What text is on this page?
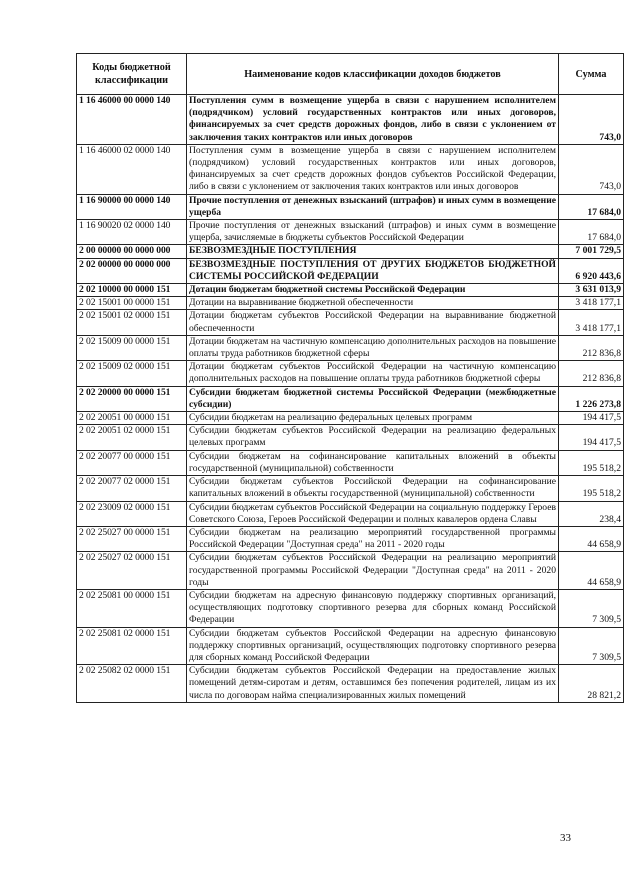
Коды бюджетной классификации	Наименование кодов классификации доходов бюджетов	Сумма
1 16 46000 00 0000 140	Поступления сумм в возмещение ущерба в связи с нарушением исполнителем (подрядчиком) условий государственных контрактов или иных договоров, финансируемых за счет средств дорожных фондов, либо в связи с уклонением от заключения таких контрактов или иных договоров	743,0
1 16 46000 02 0000 140	Поступления сумм в возмещение ущерба в связи с нарушением исполнителем (подрядчиком) условий государственных контрактов или иных договоров, финансируемых за счет средств дорожных фондов субъектов Российской Федерации, либо в связи с уклонением от заключения таких контрактов или иных договоров	743,0
1 16 90000 00 0000 140	Прочие поступления от денежных взысканий (штрафов) и иных сумм в возмещение ущерба	17 684,0
1 16 90020 02 0000 140	Прочие поступления от денежных взысканий (штрафов) и иных сумм в возмещение ущерба, зачисляемые в бюджеты субъектов Российской Федерации	17 684,0
2 00 00000 00 0000 000	БЕЗВОЗМЕЗДНЫЕ ПОСТУПЛЕНИЯ	7 001 729,5
2 02 00000 00 0000 000	БЕЗВОЗМЕЗДНЫЕ ПОСТУПЛЕНИЯ ОТ ДРУГИХ БЮДЖЕТОВ БЮДЖЕТНОЙ СИСТЕМЫ РОССИЙСКОЙ ФЕДЕРАЦИИ	6 920 443,6
2 02 10000 00 0000 151	Дотации бюджетам бюджетной системы Российской Федерации	3 631 013,9
2 02 15001 00 0000 151	Дотации на выравнивание бюджетной обеспеченности	3 418 177,1
2 02 15001 02 0000 151	Дотации бюджетам субъектов Российской Федерации на выравнивание бюджетной обеспеченности	3 418 177,1
2 02 15009 00 0000 151	Дотации бюджетам на частичную компенсацию дополнительных расходов на повышение оплаты труда работников бюджетной сферы	212 836,8
2 02 15009 02 0000 151	Дотации бюджетам субъектов Российской Федерации на частичную компенсацию дополнительных расходов на повышение оплаты труда работников бюджетной сферы	212 836,8
2 02 20000 00 0000 151	Субсидии бюджетам бюджетной системы Российской Федерации (межбюджетные субсидии)	1 226 273,8
2 02 20051 00 0000 151	Субсидии бюджетам на реализацию федеральных целевых программ	194 417,5
2 02 20051 02 0000 151	Субсидии бюджетам субъектов Российской Федерации на реализацию федеральных целевых программ	194 417,5
2 02 20077 00 0000 151	Субсидии бюджетам на софинансирование капитальных вложений в объекты государственной (муниципальной) собственности	195 518,2
2 02 20077 02 0000 151	Субсидии бюджетам субъектов Российской Федерации на софинансирование капитальных вложений в объекты государственной (муниципальной) собственности	195 518,2
2 02 23009 02 0000 151	Субсидии бюджетам субъектов Российской Федерации на социальную поддержку Героев Советского Союза, Героев Российской Федерации и полных кавалеров ордена Славы	238,4
2 02 25027 00 0000 151	Субсидии бюджетам на реализацию мероприятий государственной программы Российской Федерации "Доступная среда" на 2011 - 2020 годы	44 658,9
2 02 25027 02 0000 151	Субсидии бюджетам субъектов Российской Федерации на реализацию мероприятий государственной программы Российской Федерации "Доступная среда" на 2011 - 2020 годы	44 658,9
2 02 25081 00 0000 151	Субсидии бюджетам на адресную финансовую поддержку спортивных организаций, осуществляющих подготовку спортивного резерва для сборных команд Российской Федерации	7 309,5
2 02 25081 02 0000 151	Субсидии бюджетам субъектов Российской Федерации на адресную финансовую поддержку спортивных организаций, осуществляющих подготовку спортивного резерва для сборных команд Российской Федерации	7 309,5
2 02 25082 02 0000 151	Субсидии бюджетам субъектов Российской Федерации на предоставление жилых помещений детям-сиротам и детям, оставшимся без попечения родителей, лицам из их числа по договорам найма специализированных жилых помещений	28 821,2
33
